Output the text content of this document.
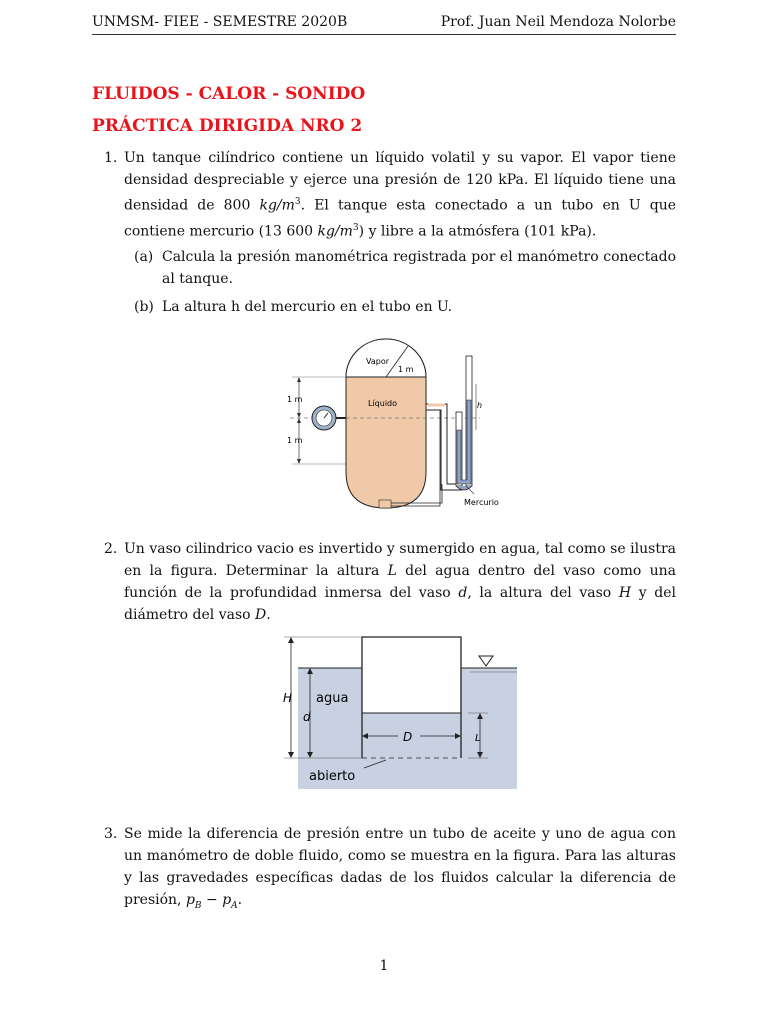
UNMSM- FIEE - SEMESTRE 2020B	Prof. Juan Neil Mendoza Nolorbe
FLUIDOS - CALOR - SONIDO
PRÁCTICA DIRIGIDA NRO 2
1. Un tanque cilíndrico contiene un líquido volatil y su vapor. El vapor tiene densidad despreciable y ejerce una presión de 120 kPa. El líquido tiene una densidad de 800 $kg/m^3$. El tanque esta conectado a un tubo en U que contiene mercurio (13 600 $kg/m^3$) y libre a la atmósfera (101 kPa).
(a) Calcula la presión manométrica registrada por el manómetro conectado al tanque.
(b) La altura h del mercurio en el tubo en U.
Vapor
1 m
Líquido
1 m
1 m
h
Mercurio
2. Un vaso cilindrico vacio es invertido y sumergido en agua, tal como se ilustra en la figura. Determinar la altura L del agua dentro del vaso como una función de la profundidad inmersa del vaso d, la altura del vaso H y del diámetro del vaso D.
H
d
agua
D	L
abierto
3. Se mide la diferencia de presión entre un tubo de aceite y uno de agua con un manómetro de doble fluido, como se muestra en la figura. Para las alturas y las gravedades específicas dadas de los fluidos calcular la diferencia de presión, $p_B - p_A$.
1
